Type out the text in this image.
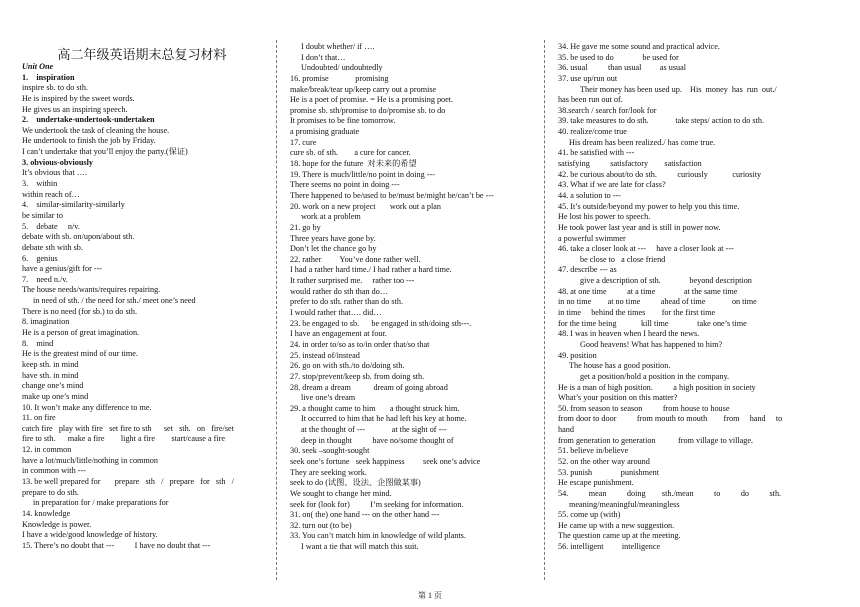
高二年级英语期末总复习材料
Unit One
1.    inspiration
inspire sb. to do sth.
He is inspired by the sweet words.
He gives us an inspiring speech.
2.    undertake-undertook-undertaken
We undertook the task of cleaning the house.
He undertook to finish the job by Friday.
I can’t undertake that you’ll enjoy the party.(保证)
3. obvious-obviously
It’s obvious that ….
3.    within
within reach of…
4.    similar-similarity-similarly
be similar to
5.    debate     n/v.
debate with sb. on/upon/about sth.
debate sth with sb.
6.    genius
have a genius/gift for ---
7.    need n./v.
The house needs/wants/requires repairing.
in need of sth. / the need for sth./ meet one’s need
There is no need (for sb.) to do sth.
8. imagination
He is a person of great imagination.
8.    mind
He is the greatest mind of our time.
keep sth. in mind
have sth. in mind
change one’s mind
make up one’s mind
10. It won’t make any difference to me.
11. on fire
catch fire   play with fire   set fire to sth      set   sth.   on   fire/set
fire to sth.      make a fire        light a fire        start/cause a fire
12. in common
have a lot/much/little/nothing in common
in common with ---
13. be well prepared for       prepare   sth   /   prepare   for   sth   /
prepare to do sth.
in preparation for / make preparations for
14. knowledge
Knowledge is power.
I have a wide/good knowledge of history.
15. There’s no doubt that ---          I have no doubt that ---
I doubt whether/ if ….
I don’t that…
Undoubted/ undoubtedly
16. promise             promising
make/break/tear up/keep carry out a promise
He is a poet of promise. = He is a promising poet.
promise sb. sth/promise to do/promise sb. to do
It promises to be fine tomorrow.
a promising graduate
17. cure
cure sb. of sth.        a cure for cancer.
18. hope for the future  对未来的希望
19. There is much/little/no point in doing ---
There seems no point in doing ---
There happened to be/used to be/must be/might be/can’t be ---
20. work on a new project       work out a plan
work at a problem
21. go by
Three years have gone by.
Don’t let the chance go by
22. rather         You’ve done rather well.
I had a rather hard time./ I had rather a hard time.
It rather surprised me.     rather too ---
would rather do sth than do…
prefer to do sth. rather than do sth.
I would rather that…. did…
23. be engaged to sb.      be engaged in sth/doing sth---.
I have an engagement at four.
24. in order to/so as to/in order that/so that
25. instead of/instead
26. go on with sth./to do/doing sth.
27. stop/prevent/keep sb. from doing sth.
28. dream a dream           dream of going abroad
live one’s dream
29. a thought came to him       a thought struck him.
It occurred to him that he had left his key at home.
at the thought of ---             at the sight of ---
deep in thought          have no/some thought of
30. seek –sought-sought
seek one’s fortune   seek happiness         seek one’s advice
They are seeking work.
seek to do (试图、设法、企图做某事)
We sought to change her mind.
seek for (look for)          I’m seeking for information.
31. on( the) one hand --- on the other hand ---
32. turn out (to be)
33. You can’t match him in knowledge of wild plants.
I want a tie that will match this suit.
34. He gave me some sound and practical advice.
35. be used to do              be used for
36. usual          than usual         as usual
37. use up/run out
Their money has been used up.    His  money  has  run  out./
has been run out of.
38.search / search for/look for
39. take measures to do sth.             take steps/ action to do sth.
40. realize/come true
His dream has been realized./ has come true.
41. be satisfied with ---
satisfying          satisfactory        satisfaction
42. be curious about/to do sth.          curiously            curiosity
43. What if we are late for class?
44. a solution to ---
45. It’s outside/beyond my power to help you this time.
He lost his power to speech.
He took power last year and is still in power now.
a powerful swimmer
46. take a closer look at ---     have a closer look at ---
be close to   a close friend
47. describe --- as
give a description of sth.              beyond description
48. at one time          at a time              at the same time
in no time        at no time          ahead of time             on time
in time     behind the times        for the first time
for the time being            kill time              take one’s time
48. I was in heaven when I heard the news.
Good heavens! What has happened to him?
49. position
The house has a good position.
get a position/hold a position in the company.
He is a man of high position.          a high position in society
What’s your position on this matter?
50. from season to season          from house to house
from door to door          from mouth to mouth        from     hand     to
hand
from generation to generation           from village to village.
51. believe in/believe
52. on the other way around
53. punish              punishment
He escape punishment.
54.          mean          doing        sth./mean          to          do          sth.
meaning/meaningful/meaningless
55. come up (with)
He came up with a new suggestion.
The question came up at the meeting.
56. intelligent         intelligence
第 1 页
